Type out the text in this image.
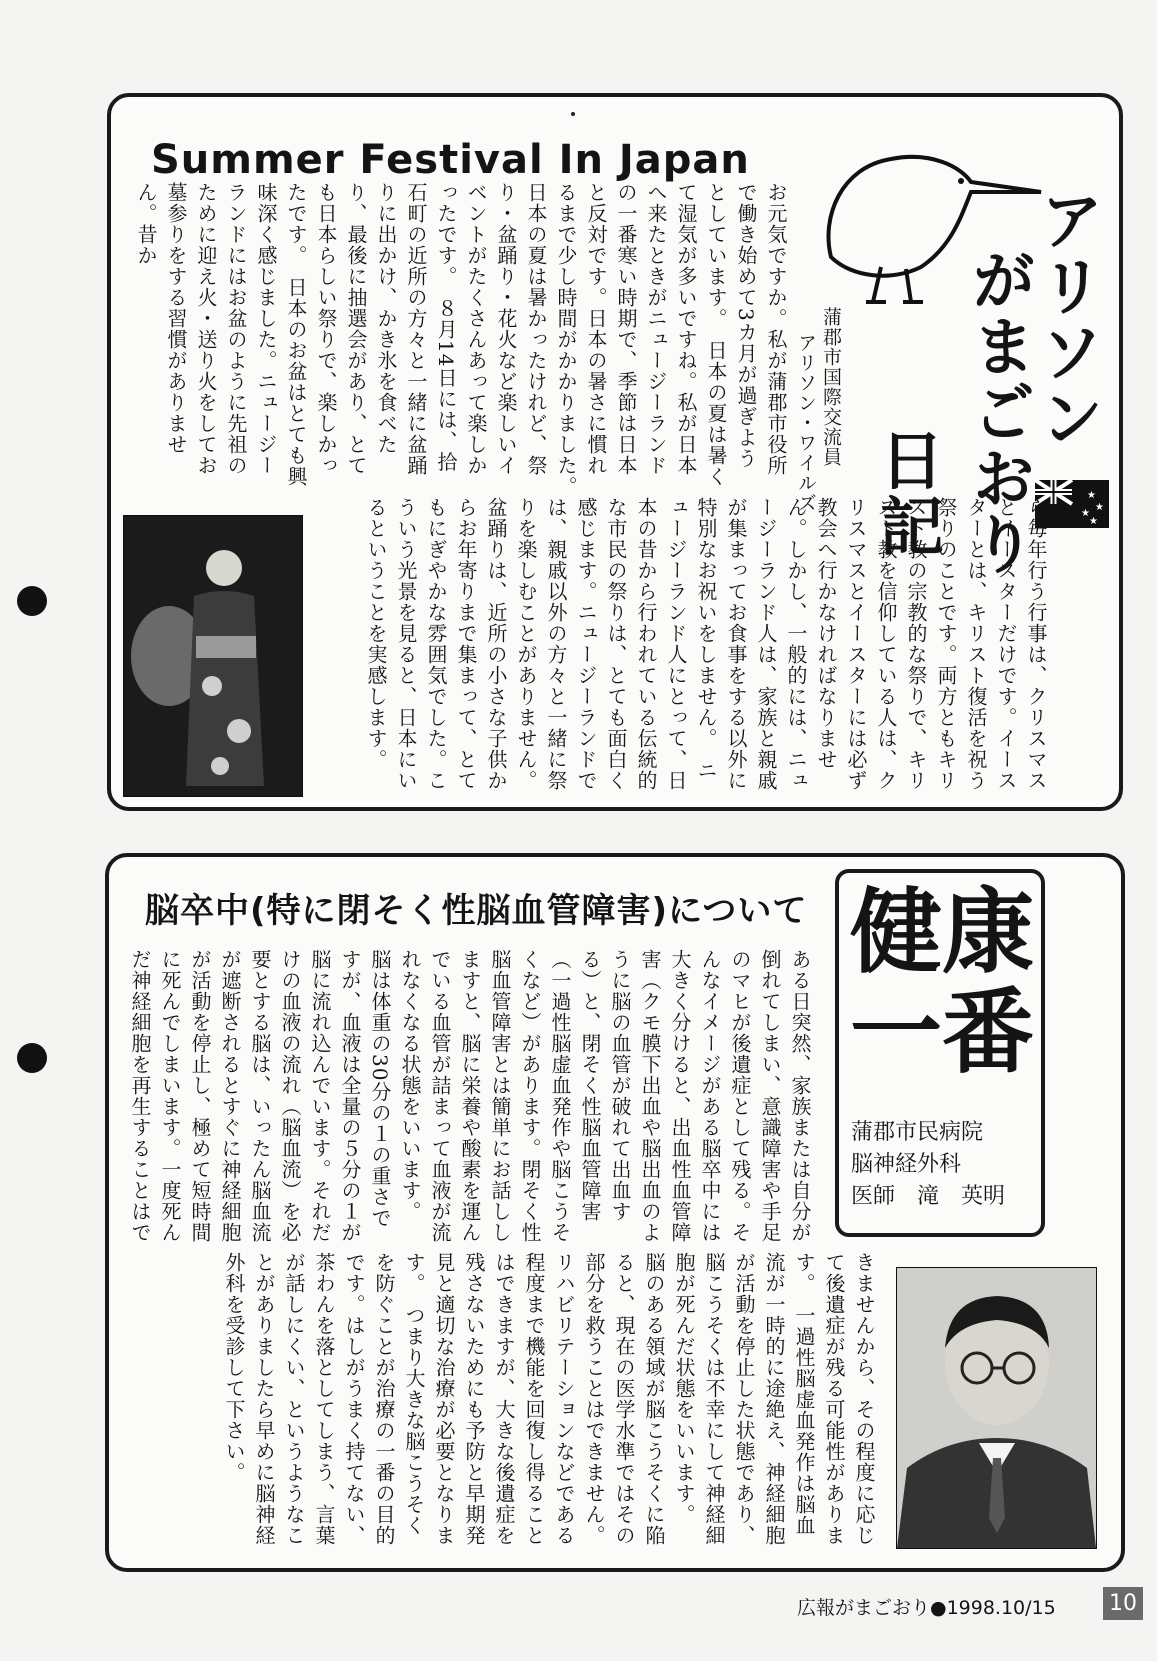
Summer Festival In Japan
アリソン
がまごおり
日記	★
★
★
★
蒲郡市国際交流員
アリソン・ワイルズ
お元気ですか。私が蒲郡市役所で働き始めて3カ月が過ぎようとしています。　日本の夏は暑くて湿気が多いですね。私が日本へ来たときがニュージーランドの一番寒い時期で、季節は日本と反対です。日本の暑さに慣れるまで少し時間がかかりました。　日本の夏は暑かったけれど、祭り・盆踊り・花火など楽しいイベントがたくさんあって楽しかったです。　８月14日には、拾石町の近所の方々と一緒に盆踊りに出かけ、かき氷を食べたり、最後に抽選会があり、とても日本らしい祭りで、楽しかったです。　日本のお盆はとても興味深く感じました。ニュージーランドにはお盆のように先祖のために迎え火・送り火をしてお墓参りをする習慣がありません。昔か
ら毎年行う行事は、クリスマスとイースターだけです。イースターとは、キリスト復活を祝う祭りのことです。両方ともキリスト教の宗教的な祭りで、キリスト教を信仰している人は、クリスマスとイースターには必ず教会へ行かなければなりません。しかし、一般的には、ニュージーランド人は、家族と親戚が集まってお食事をする以外に特別なお祝いをしません。　ニュージーランド人にとって、日本の昔から行われている伝統的な市民の祭りは、とても面白く感じます。ニュージーランドでは、親戚以外の方々と一緒に祭りを楽しむことがありません。盆踊りは、近所の小さな子供からお年寄りまで集まって、とてもにぎやかな雰囲気でした。こういう光景を見ると、日本にいるということを実感します。
脳卒中(特に閉そく性脳血管障害)について 健康
一番
蒲郡市民病院
脳神経外科
医師　滝　英明
ある日突然、家族または自分が倒れてしまい、意識障害や手足のマヒが後遺症として残る。そんなイメージがある脳卒中には大きく分けると、出血性血管障害（クモ膜下出血や脳出血のように脳の血管が破れて出血する）と、閉そく性脳血管障害（一過性脳虚血発作や脳こうそくなど）があります。閉そく性脳血管障害とは簡単にお話ししますと、脳に栄養や酸素を運んでいる血管が詰まって血液が流れなくなる状態をいいます。　脳は体重の30分の１の重さですが、血液は全量の５分の１が脳に流れ込んでいます。それだけの血液の流れ（脳血流）を必要とする脳は、いったん脳血流が遮断されるとすぐに神経細胞が活動を停止し、極めて短時間に死んでしまいます。一度死んだ神経細胞を再生することはで
きませんから、その程度に応じて後遺症が残る可能性があります。　一過性脳虚血発作は脳血流が一時的に途絶え、神経細胞が活動を停止した状態であり、脳こうそくは不幸にして神経細胞が死んだ状態をいいます。　脳のある領域が脳こうそくに陥ると、現在の医学水準ではその部分を救うことはできません。リハビリテーションなどである程度まで機能を回復し得ることはできますが、大きな後遺症を残さないためにも予防と早期発見と適切な治療が必要となります。　つまり大きな脳こうそくを防ぐことが治療の一番の目的です。はしがうまく持てない、茶わんを落としてしまう、言葉が話しにくい、というようなことがありましたら早めに脳神経外科を受診して下さい。
広報がまごおり●1998.10/15 10
